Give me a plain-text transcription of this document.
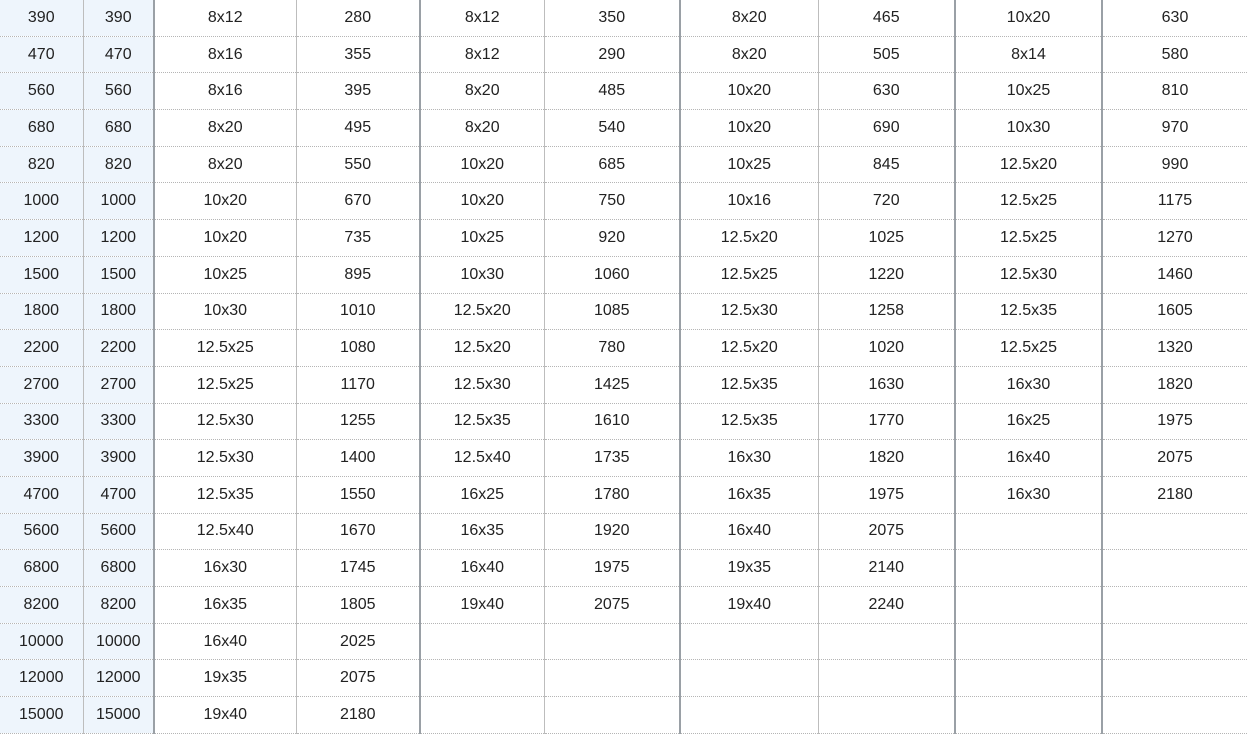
390	390	8x12	280	8x12	350	8x20	465	10x20	630
470	470	8x16	355	8x12	290	8x20	505	8x14	580
560	560	8x16	395	8x20	485	10x20	630	10x25	810
680	680	8x20	495	8x20	540	10x20	690	10x30	970
820	820	8x20	550	10x20	685	10x25	845	12.5x20	990
1000	1000	10x20	670	10x20	750	10x16	720	12.5x25	1175
1200	1200	10x20	735	10x25	920	12.5x20	1025	12.5x25	1270
1500	1500	10x25	895	10x30	1060	12.5x25	1220	12.5x30	1460
1800	1800	10x30	1010	12.5x20	1085	12.5x30	1258	12.5x35	1605
2200	2200	12.5x25	1080	12.5x20	780	12.5x20	1020	12.5x25	1320
2700	2700	12.5x25	1170	12.5x30	1425	12.5x35	1630	16x30	1820
3300	3300	12.5x30	1255	12.5x35	1610	12.5x35	1770	16x25	1975
3900	3900	12.5x30	1400	12.5x40	1735	16x30	1820	16x40	2075
4700	4700	12.5x35	1550	16x25	1780	16x35	1975	16x30	2180
5600	5600	12.5x40	1670	16x35	1920	16x40	2075		
6800	6800	16x30	1745	16x40	1975	19x35	2140		
8200	8200	16x35	1805	19x40	2075	19x40	2240		
10000	10000	16x40	2025						
12000	12000	19x35	2075						
15000	15000	19x40	2180						
